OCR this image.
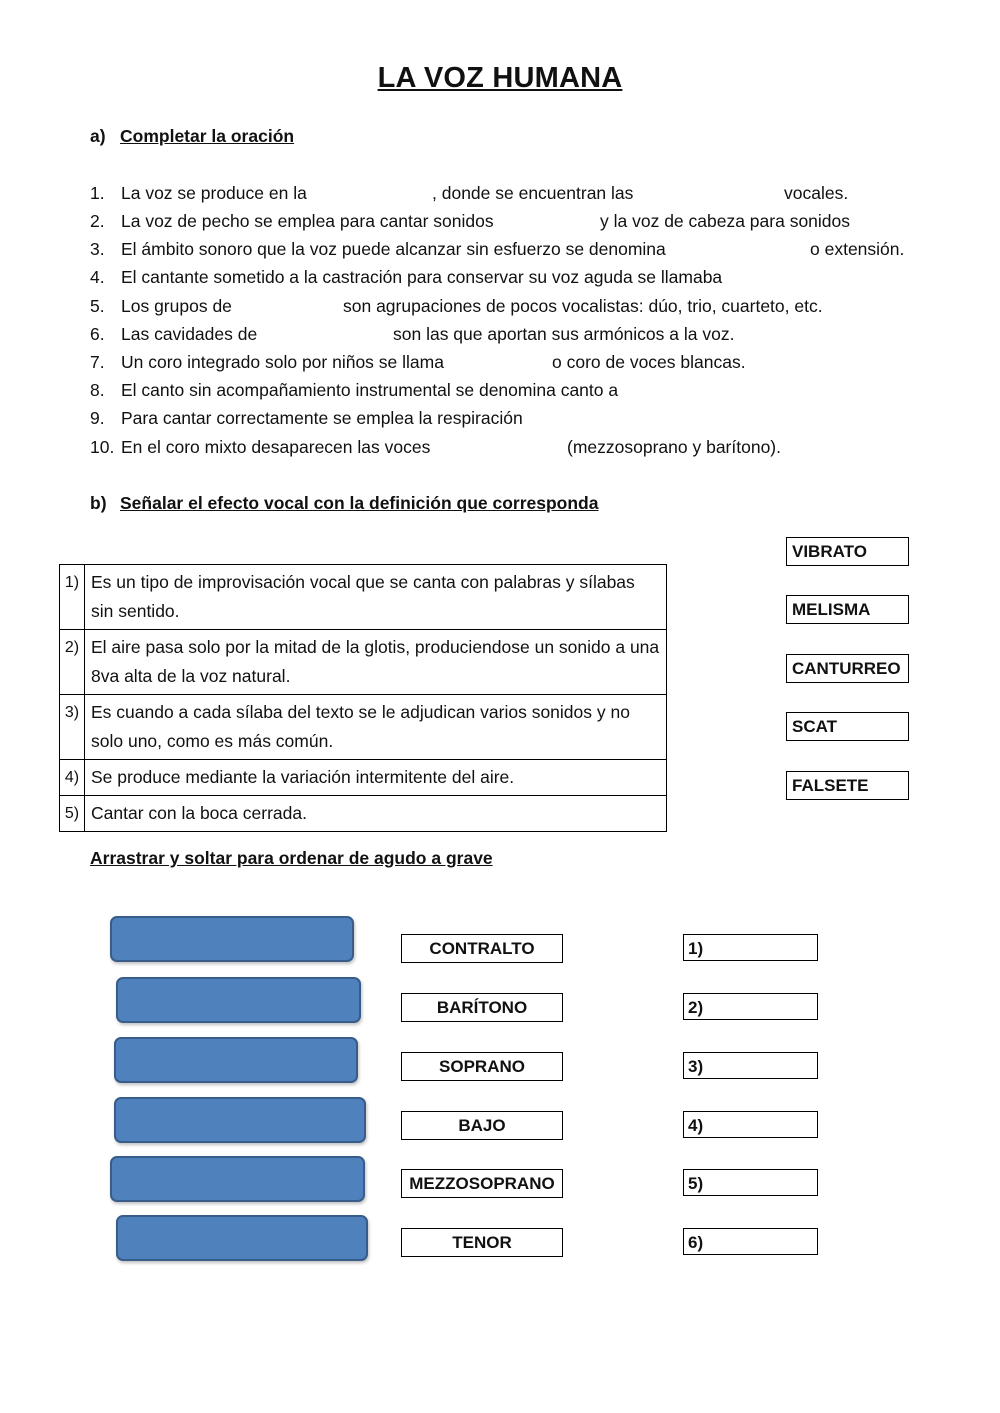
LA VOZ HUMANA
a) Completar la oración
1. La voz se produce en la	, donde se encuentran las	vocales.
2. La voz de pecho se emplea para cantar sonidos	y la voz de cabeza para sonidos
3. El ámbito sonoro que la voz puede alcanzar sin esfuerzo se denomina	o extensión.
4. El cantante sometido a la castración para conservar su voz aguda se llamaba
5. Los grupos de	son agrupaciones de pocos vocalistas: dúo, trio, cuarteto, etc.
6. Las cavidades de	son las que aportan sus armónicos a la voz.
7. Un coro integrado solo por niños se llama	o coro de voces blancas.
8. El canto sin acompañamiento instrumental se denomina canto a
9. Para cantar correctamente se emplea la respiración
10. En el coro mixto desaparecen las voces	(mezzosoprano y barítono).
b) Señalar el efecto vocal con la definición que corresponda
1)	Es un tipo de improvisación vocal que se canta con palabras y sílabas sin sentido.
2)	El aire pasa solo por la mitad de la glotis, produciendose un sonido a una 8va alta de la voz natural.
3)	Es cuando a cada sílaba del texto se le adjudican varios sonidos y no solo uno, como es más común.
4)	Se produce mediante la variación intermitente del aire.
5)	Cantar con la boca cerrada.
VIBRATO
MELISMA
CANTURREO
SCAT
FALSETE
Arrastrar y soltar para ordenar de agudo a grave
CONTRALTO
BARÍTONO
SOPRANO
BAJO
MEZZOSOPRANO
TENOR
1)
2)
3)
4)
5)
6)
